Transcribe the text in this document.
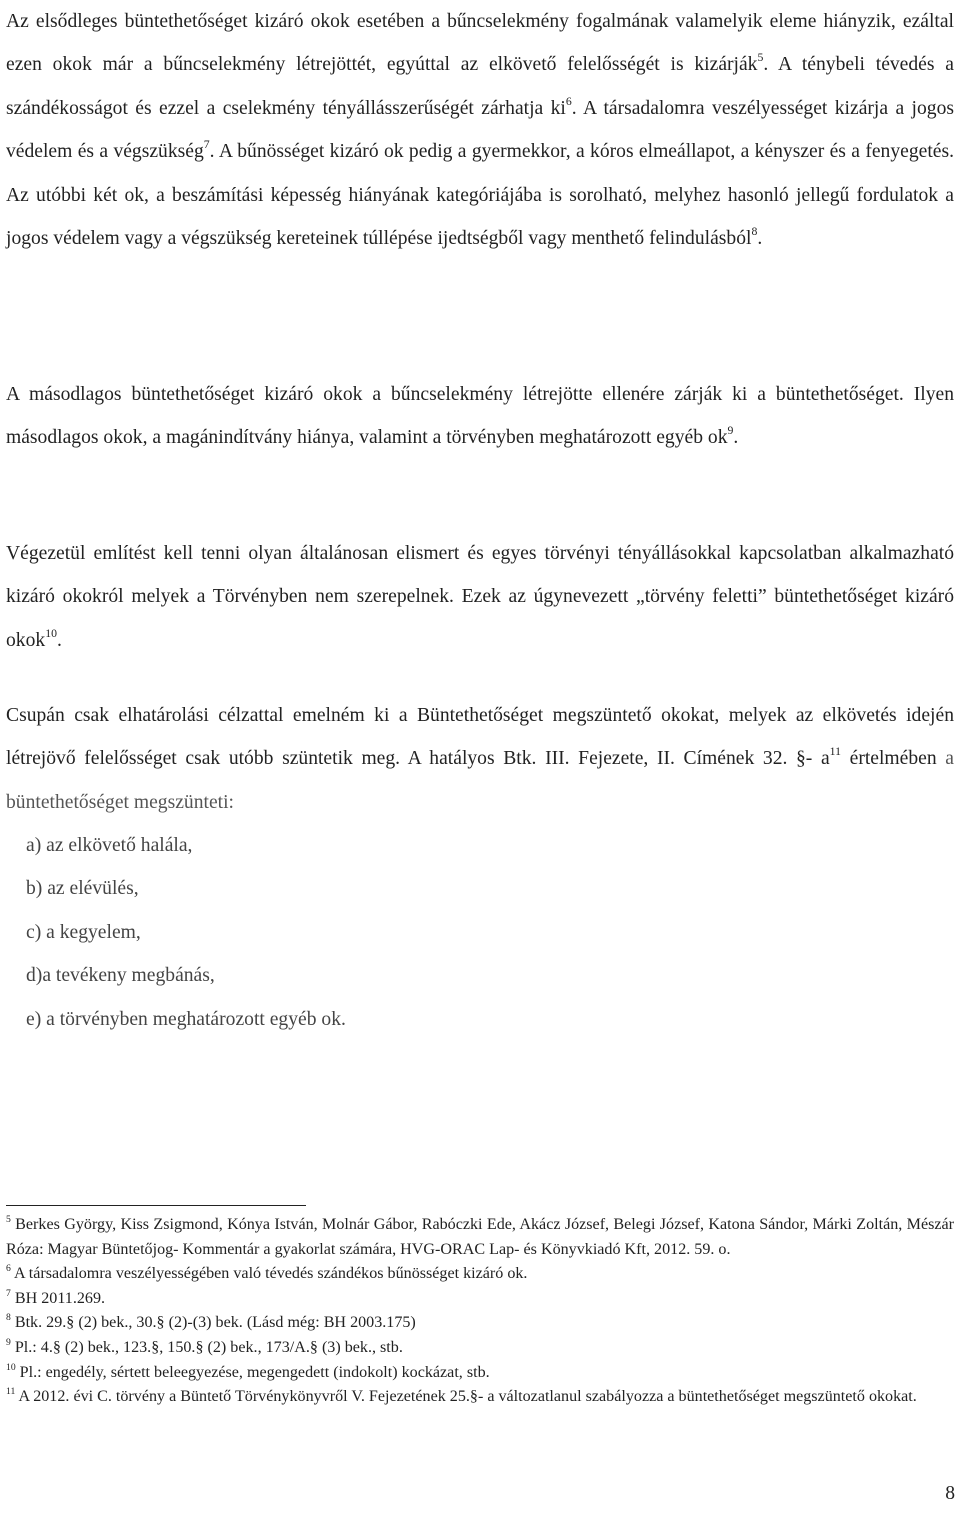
Az elsődleges büntethetőséget kizáró okok esetében a bűncselekmény fogalmának valamelyik eleme hiányzik, ezáltal ezen okok már a bűncselekmény létrejöttét, egyúttal az elkövető felelősségét is kizárják$^5$. A ténybeli tévedés a szándékosságot és ezzel a cselekmény tényállásszerűségét zárhatja $ki^6$. A társadalomra veszélyességet kizárja a jogos védelem és a végszükség$^7$. A bűnösséget kizáró ok pedig a gyermekkor, a kóros elmeállapot, a kényszer és a fenyegetés. Az utóbbi két ok, a beszámítási képesség hiányának kategóriájába is sorolható, melyhez hasonló jellegű fordulatok a jogos védelem vagy a végszükség kereteinek túllépése ijedtségből vagy menthető felindulásból$^8$.

A másodlagos büntethetőséget kizáró okok a bűncselekmény létrejötte ellenére zárják ki a büntethetőséget. Ilyen másodlagos okok, a magánindítvány hiánya, valamint a törvényben meghatározott egyéb $ok^9$.

Végezetül említést kell tenni olyan általánosan elismert és egyes törvényi tényállásokkal kapcsolatban alkalmazható kizáró okokról melyek a Törvényben nem szerepelnek. Ezek az úgynevezett „törvény feletti” büntethetőséget kizáró okok$^{10}$.

Csupán csak elhatárolási célzattal emelném ki a Büntethetőséget megszüntető okokat, melyek az elkövetés idején létrejövő felelősséget csak utóbb szüntetik meg. A hatályos Btk. III. Fejezete, II. Címének 32. §- $a^{11}$ értelmében a büntethetőséget megszünteti:

a) az elkövető halála,
b) az elévülés,
c) a kegyelem,
d)a tevékeny megbánás,
e) a törvényben meghatározott egyéb ok.

$^5$ Berkes György, Kiss Zsigmond, Kónya István, Molnár Gábor, Rabóczki Ede, Akácz József, Belegi József, Katona Sándor, Márki Zoltán, Mészár Róza: Magyar Büntetőjog- Kommentár a gyakorlat számára, HVG-ORAC Lap- és Könyvkiadó Kft, 2012. 59. o.

$^6$ A társadalomra veszélyességében való tévedés szándékos bűnösséget kizáró ok.

$^7$ BH 2011.269.

$^8$ Btk. 29.§ (2) bek., 30.§ (2)-(3) bek. (Lásd még: BH 2003.175)

$^9$ Pl.: 4.§ (2) bek., 123.§, 150.§ (2) bek., 173/A.§ (3) bek., stb.

$^{10}$ Pl.: engedély, sértett beleegyezése, megengedett (indokolt) kockázat, stb.

$^{11}$ A 2012. évi C. törvény a Büntető Törvénykönyvről V. Fejezetének 25.§- a változatlanul szabályozza a büntethetőséget megszüntető okokat.

8
